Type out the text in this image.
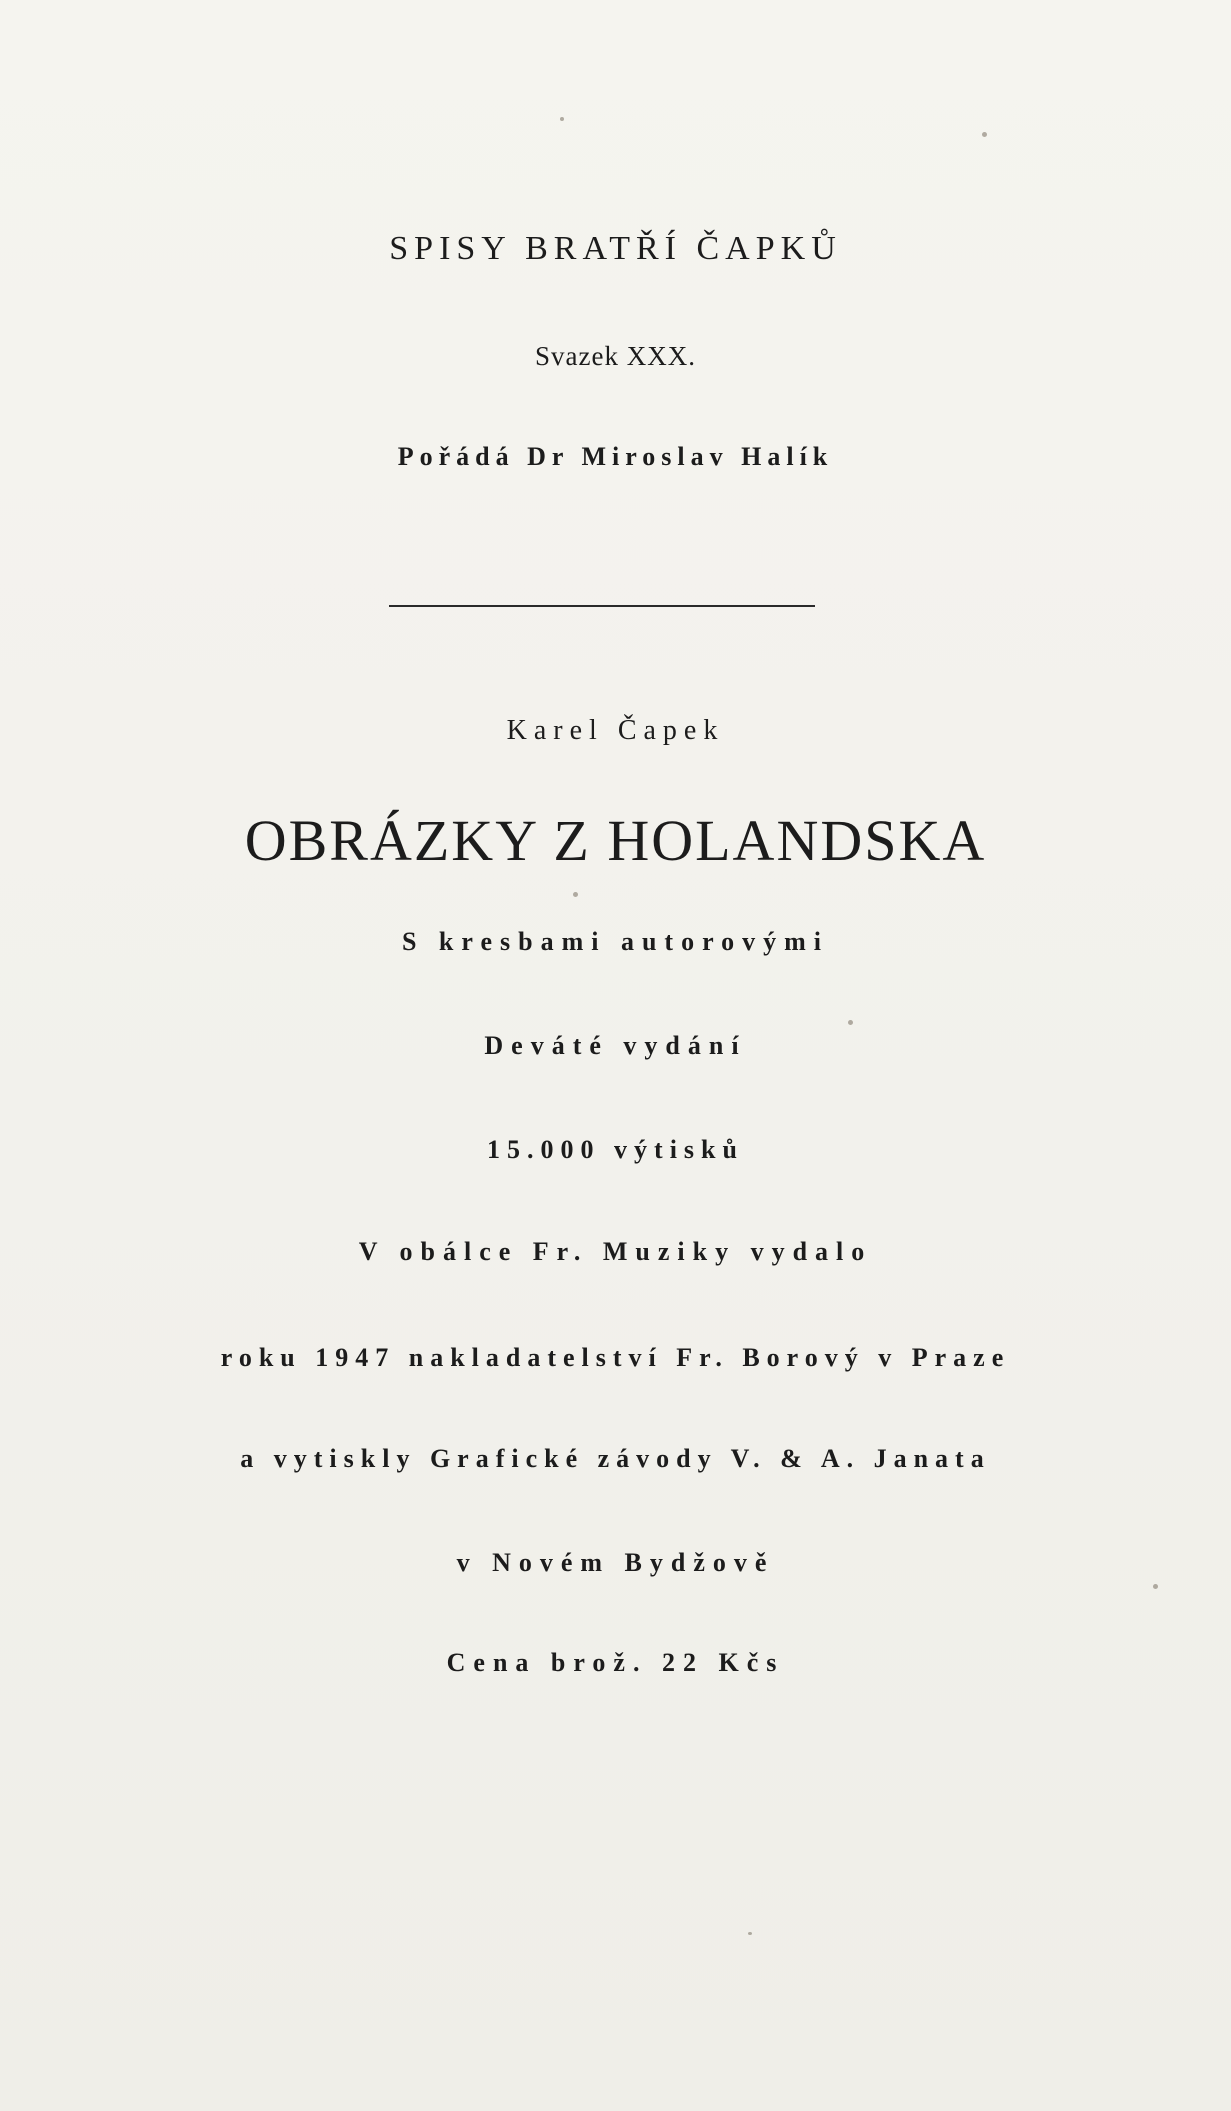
SPISY BRATŘÍ ČAPKŮ
Svazek XXX.
Pořádá Dr Miroslav Halík
Karel Čapek
OBRÁZKY Z HOLANDSKA
S kresbami autorovými
Deváté vydání
15.000 výtisků
V obálce Fr. Muziky vydalo
roku 1947 nakladatelství Fr. Borový v Praze
a vytiskly Grafické závody V. & A. Janata
v Novém Bydžově
Cena brož. 22 Kčs
